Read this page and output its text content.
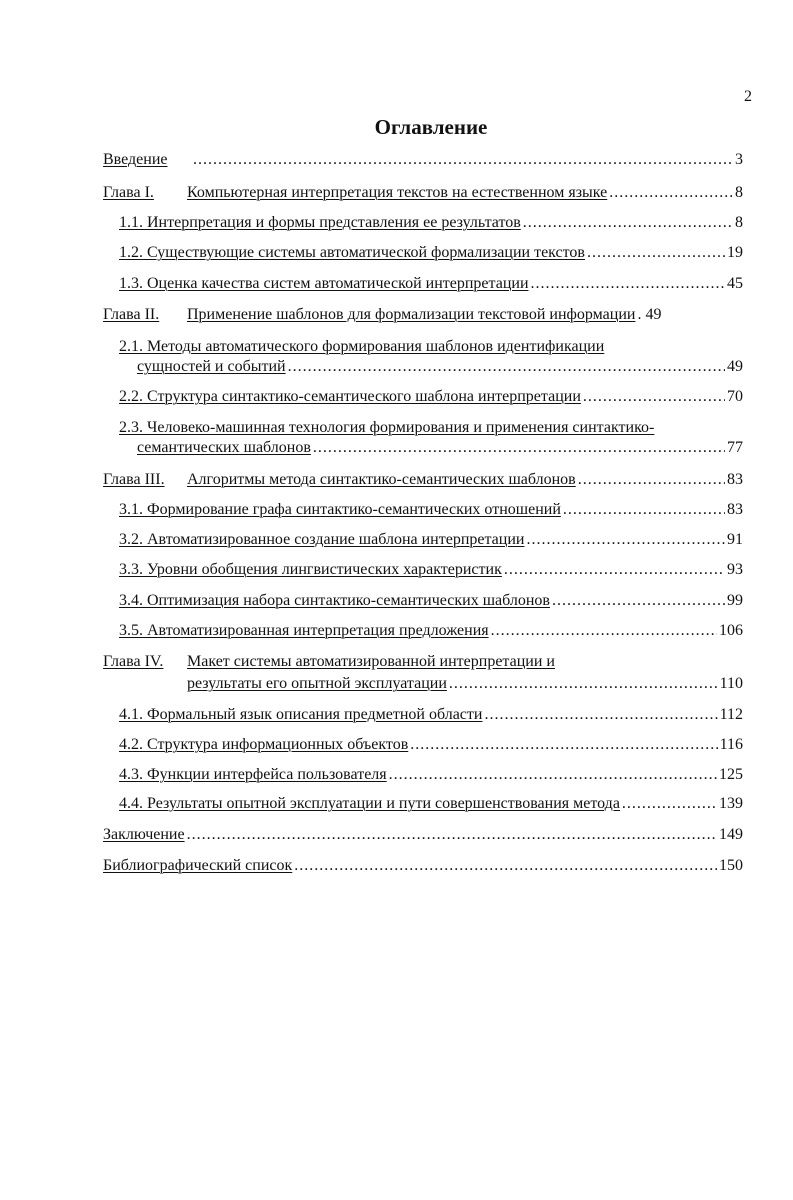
2
Оглавление
Введение .....	3
Глава I.	Компьютерная интерпретация текстов на естественном языке .....	8
1.1. Интерпретация и формы представления ее результатов .....	8
1.2. Существующие системы автоматической формализации текстов .....	19
1.3. Оценка качества систем автоматической интерпретации .....	45
Глава II.	Применение шаблонов для формализации текстовой информации ..... 49
2.1. Методы автоматического формирования шаблонов идентификации
сущностей и событий .....	49
2.2. Структура синтактико-семантического шаблона интерпретации .....	70
2.3. Человеко-машинная технология формирования и применения синтактико-
семантических шаблонов .....	77
Глава III.	Алгоритмы метода синтактико-семантических шаблонов .....	83
3.1. Формирование графа синтактико-семантических отношений .....	83
3.2. Автоматизированное создание шаблона интерпретации .....	91
3.3. Уровни обобщения лингвистических характеристик .....	93
3.4. Оптимизация набора синтактико-семантических шаблонов .....	99
3.5. Автоматизированная интерпретация предложения .....	106
Глава IV. Макет системы автоматизированной интерпретации и
результаты его опытной эксплуатации .....	110
4.1. Формальный язык описания предметной области .....	112
4.2. Структура информационных объектов .....	116
4.3. Функции интерфейса пользователя .....	125
4.4. Результаты опытной эксплуатации и пути совершенствования метода .....	139
Заключение .....	149
Библиографический список .....	150
